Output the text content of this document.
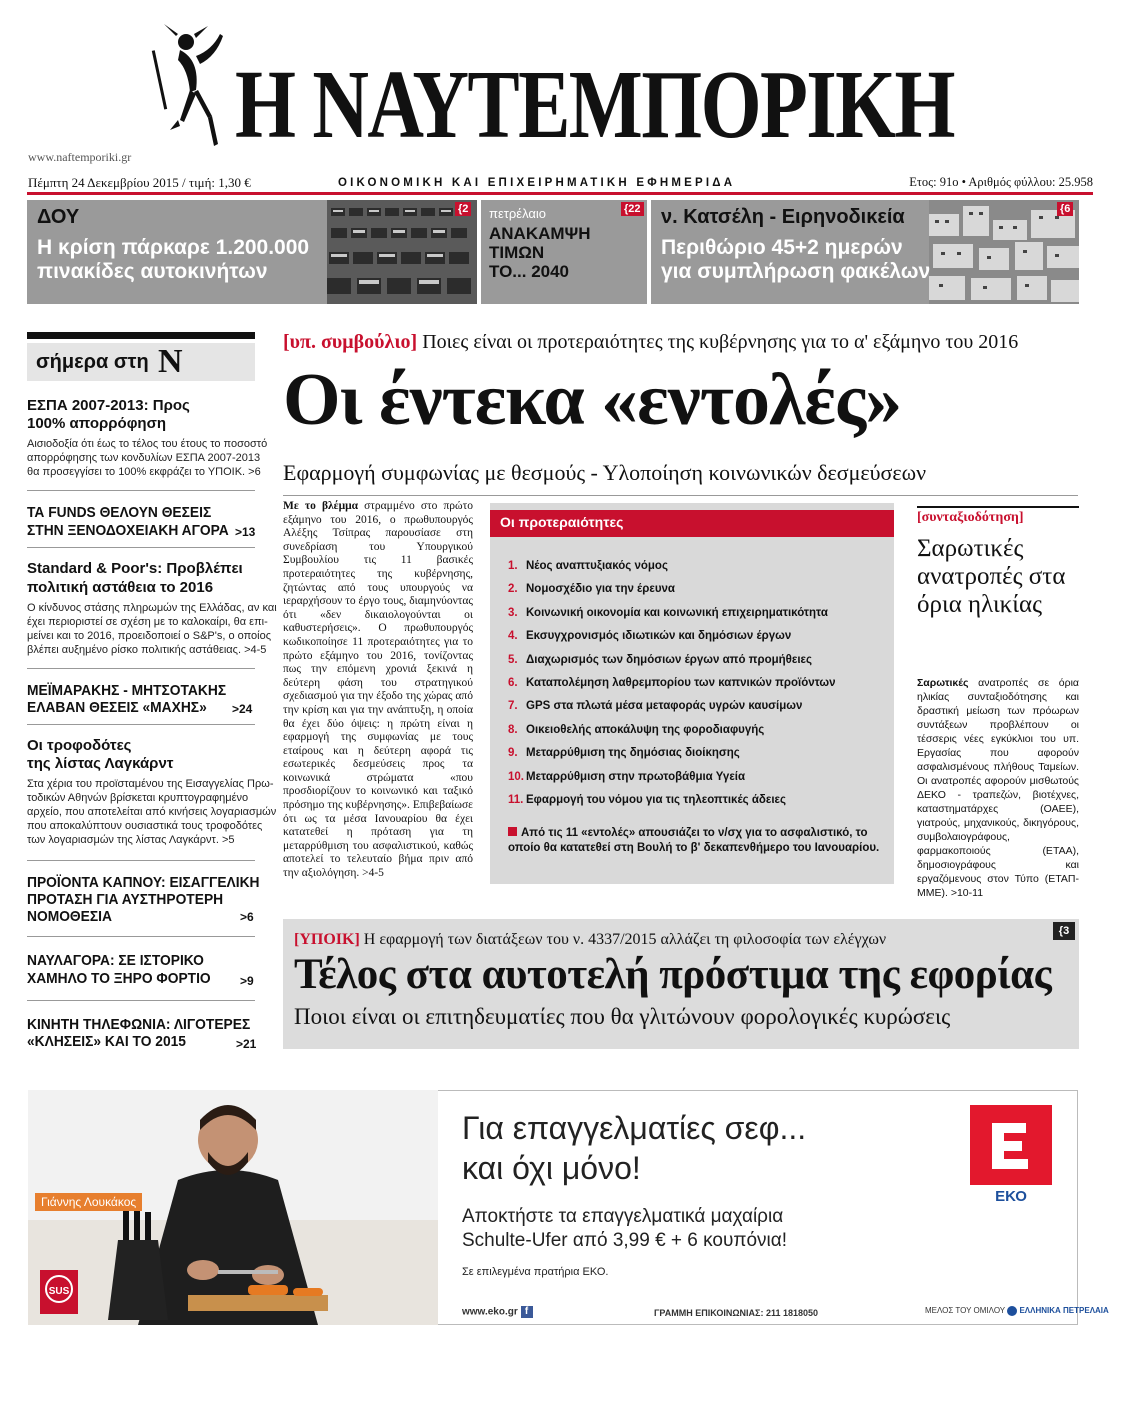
Η ΝΑΥΤΕΜΠΟΡΙΚΗ
www.naftemporiki.gr
Πέμπτη 24 Δεκεμβρίου 2015 / τιμή: 1,30 €	ΟΙΚΟΝΟΜΙΚΗ ΚΑΙ ΕΠΙΧΕΙΡΗΜΑΤΙΚΗ ΕΦΗΜΕΡΙΔΑ	Ετος: 91ο • Αριθμός φύλλου: 25.958
{2
ΔΟΥ
Η κρίση πάρκαρε 1.200.000
πινακίδες αυτοκινήτων
{22
πετρέλαιο
ΑΝΑΚΑΜΨΗ
ΤΙΜΩΝ
ΤΟ... 2040
{6
ν. Κατσέλη - Ειρηνοδικεία
Περιθώριο 45+2 ημερών
για συμπλήρωση φακέλων
σήμερα στη N
ΕΣΠΑ 2007-2013: Προς
100% απορρόφηση
Αισιοδοξία ότι έως το τέλος του έτους το ποσοστό
απορρόφησης των κονδυλίων ΕΣΠΑ 2007-2013
θα προσεγγίσει το 100% εκφράζει το ΥΠΟΙΚ. >6
ΤΑ FUNDS ΘΕΛΟΥΝ ΘΕΣΕΙΣ
ΣΤΗΝ ΞΕΝΟΔΟΧΕΙΑΚΗ ΑΓΟΡΑ >13
Standard & Poor's: Προβλέπει
πολιτική αστάθεια το 2016
Ο κίνδυνος στάσης πληρωμών της Ελλάδας, αν και
έχει περιοριστεί σε σχέση με το καλοκαίρι, θα επι-
μείνει και το 2016, προειδοποιεί ο S&P's, ο οποίος
βλέπει αυξημένο ρίσκο πολιτικής αστάθειας. >4-5
ΜΕΪΜΑΡΑΚΗΣ - ΜΗΤΣΟΤΑΚΗΣ
ΕΛΑΒΑΝ ΘΕΣΕΙΣ «ΜΑΧΗΣ» >24
Οι τροφοδότες
της λίστας Λαγκάρντ
Στα χέρια του προϊσταμένου της Εισαγγελίας Πρω-
τοδικών Αθηνών βρίσκεται κρυπτογραφημένο
αρχείο, που αποτελείται από κινήσεις λογαριασμών
που αποκαλύπτουν ουσιαστικά τους τροφοδότες
των λογαριασμών της λίστας Λαγκάρντ. >5
ΠΡΟΪΟΝΤΑ ΚΑΠΝΟΥ: ΕΙΣΑΓΓΕΛΙΚΗ
ΠΡΟΤΑΣΗ ΓΙΑ ΑΥΣΤΗΡΟΤΕΡΗ
ΝΟΜΟΘΕΣΙΑ	>6
ΝΑΥΛΑΓΟΡΑ: ΣΕ ΙΣΤΟΡΙΚΟ
ΧΑΜΗΛΟ ΤΟ ΞΗΡΟ ΦΟΡΤΙΟ >9
ΚΙΝΗΤΗ ΤΗΛΕΦΩΝΙΑ: ΛΙΓΟΤΕΡΕΣ
«ΚΛΗΣΕΙΣ» ΚΑΙ ΤΟ 2015	>21
[υπ. συμβούλιο] Ποιες είναι οι προτεραιότητες της κυβέρνησης για το α' εξάμηνο του 2016
Οι έντεκα «εντολές»
Εφαρμογή συμφωνίας με θεσμούς - Υλοποίηση κοινωνικών δεσμεύσεων
Με το βλέμμα στραμμένο στο πρώτο εξάμηνο του 2016, ο πρωθυπουργός Αλέξης Τσίπρας παρουσίασε στη συνεδρίαση του Υπουργικού Συμβουλίου τις 11 βασικές προτεραιότητες της κυβέρνησης, ζητώντας από τους υπουργούς να ιεραρχήσουν το έργο τους, διαμηνύοντας ότι «δεν δικαιολογούνται οι καθυστερήσεις». Ο πρωθυπουργός κωδικοποίησε 11 προτεραιότητες για το πρώτο εξάμηνο του 2016, τονίζοντας πως την επόμενη χρονιά ξεκινά η δεύτερη φάση του στρατηγικού σχεδιασμού για την έξοδο της χώρας από την κρίση και για την ανάπτυξη, η οποία θα έχει δύο όψεις: η πρώτη είναι η εφαρμογή της συμφωνίας με τους εταίρους και η δεύτερη αφορά τις εσωτερικές δεσμεύσεις προς τα κοινωνικά στρώματα «που προσδιορίζουν το κοινωνικό και ταξικό πρόσημο της κυβέρνησης». Επιβεβαίωσε ότι ως τα μέσα Ιανουαρίου θα έχει κατατεθεί η πρόταση για τη μεταρρύθμιση του ασφαλιστικού, καθώς αποτελεί το τελευταίο βήμα πριν από την αξιολόγηση. >4-5
Οι προτεραιότητες
1. Νέος αναπτυξιακός νόμος
2. Νομοσχέδιο για την έρευνα
3. Κοινωνική οικονομία και κοινωνική επιχειρηματικότητα
4. Εκσυγχρονισμός ιδιωτικών και δημόσιων έργων
5. Διαχωρισμός των δημόσιων έργων από προμήθειες
6. Καταπολέμηση λαθρεμπορίου των καπνικών προϊόντων
7. GPS στα πλωτά μέσα μεταφοράς υγρών καυσίμων
8. Οικειοθελής αποκάλυψη της φοροδιαφυγής
9. Μεταρρύθμιση της δημόσιας διοίκησης
10. Μεταρρύθμιση στην πρωτοβάθμια Υγεία
11. Εφαρμογή του νόμου για τις τηλεοπτικές άδειες
Από τις 11 «εντολές» απουσιάζει το ν/σχ για το ασφαλιστικό, το οποίο θα κατατεθεί στη Βουλή το β' δεκαπενθήμερο του Ιανουαρίου.
[συνταξιοδότηση]
Σαρωτικές ανατροπές στα όρια ηλικίας
Σαρωτικές ανατροπές σε όρια ηλικίας συνταξιοδότησης και δραστική μείωση των πρόωρων συντάξεων προβλέπουν οι τέσσερις νέες εγκύκλιοι του υπ. Εργασίας που αφορούν ασφαλισμένους πλήθους Ταμείων. Οι ανατροπές αφορούν μισθωτούς ΔΕΚΟ - τραπεζών, βιοτέχνες, καταστηματάρχες (ΟΑΕΕ), γιατρούς, μηχανικούς, δικηγόρους, συμβολαιογράφους, φαρμακοποιούς (ΕΤΑΑ), δημοσιογράφους και εργαζόμενους στον Τύπο (ΕΤΑΠ-ΜΜΕ). >10-11
[ΥΠΟΙΚ] Η εφαρμογή των διατάξεων του ν. 4337/2015 αλλάζει τη φιλοσοφία των ελέγχων	{3
Τέλος στα αυτοτελή πρόστιμα της εφορίας
Ποιοι είναι οι επιτηδευματίες που θα γλιτώνουν φορολογικές κυρώσεις
Γιάννης Λουκάκος
SUS
Για επαγγελματίες σεφ...
και όχι μόνο!
Αποκτήστε τα επαγγελματικά μαχαίρια
Schulte-Ufer από 3,99 € + 6 κουπόνια!
Σε επιλεγμένα πρατήρια ΕΚΟ.
www.eko.gr f	ΓΡΑΜΜΗ ΕΠΙΚΟΙΝΩΝΙΑΣ: 211 1818050	ΜΕΛΟΣ ΤΟΥ ΟΜΙΛΟΥ ΕΛΛΗΝΙΚΑ ΠΕΤΡΕΛΑΙΑ
ΕΚΟ
